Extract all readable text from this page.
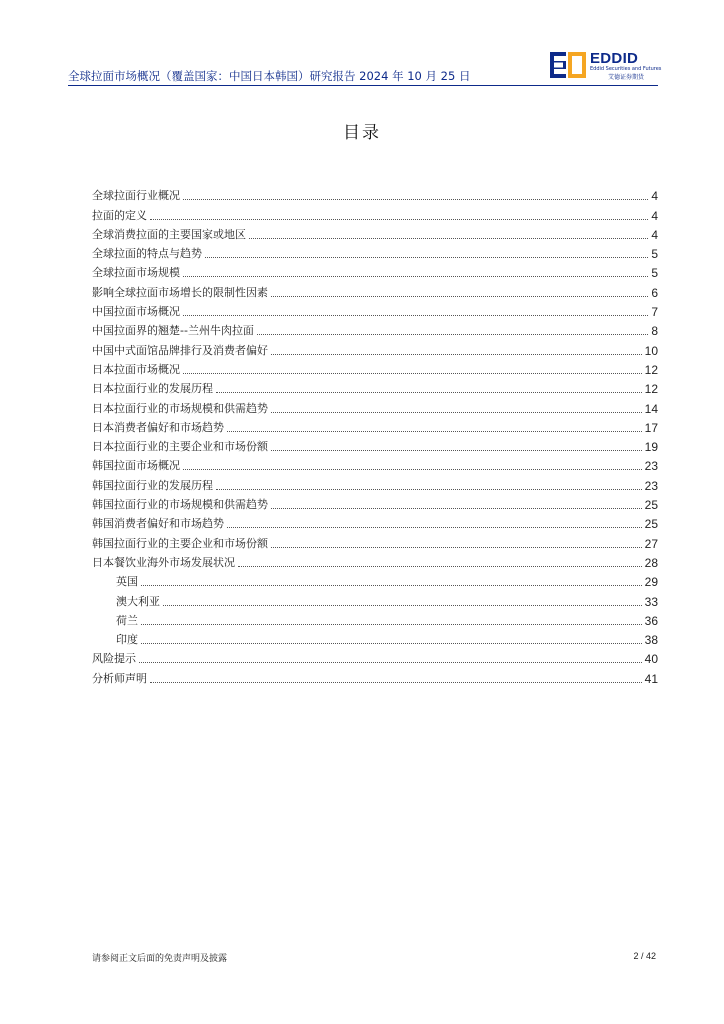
全球拉面市场概况（覆盖国家：中国日本韩国）研究报告 2024 年 10 月 25 日
EDDID
Eddid Securities and Futures
艾德证券期货
目录
全球拉面行业概况	4
拉面的定义	4
全球消费拉面的主要国家或地区	4
全球拉面的特点与趋势	5
全球拉面市场规模	5
影响全球拉面市场增长的限制性因素	6
中国拉面市场概况	7
中国拉面界的翘楚--兰州牛肉拉面	8
中国中式面馆品牌排行及消费者偏好	10
日本拉面市场概况	12
日本拉面行业的发展历程	12
日本拉面行业的市场规模和供需趋势	14
日本消费者偏好和市场趋势	17
日本拉面行业的主要企业和市场份额	19
韩国拉面市场概况	23
韩国拉面行业的发展历程	23
韩国拉面行业的市场规模和供需趋势	25
韩国消费者偏好和市场趋势	25
韩国拉面行业的主要企业和市场份额	27
日本餐饮业海外市场发展状况	28
英国	29
澳大利亚	33
荷兰	36
印度	38
风险提示	40
分析师声明	41
请参阅正文后面的免责声明及披露	2 / 42
